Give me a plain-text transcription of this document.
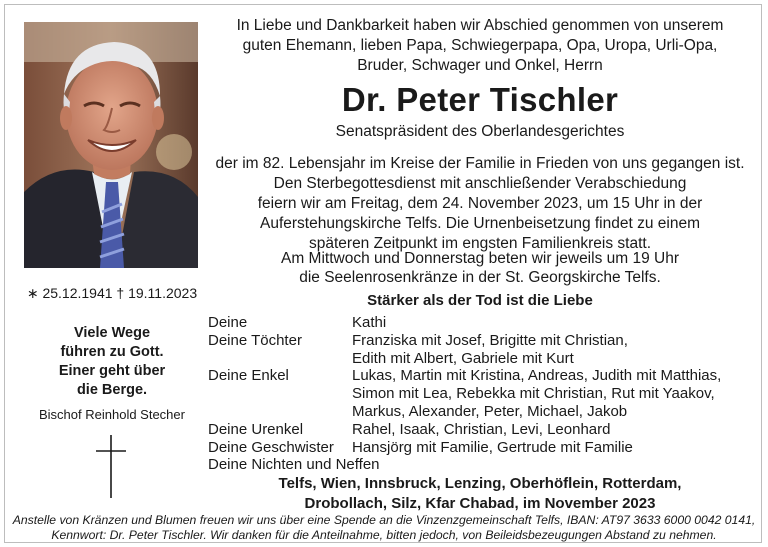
∗ 25.12.1941 † 19.11.2023
Viele Wege
führen zu Gott.
Einer geht über
die Berge.
Bischof Reinhold Stecher
In Liebe und Dankbarkeit haben wir Abschied genommen von unserem
guten Ehemann, lieben Papa, Schwiegerpapa, Opa, Uropa, Urli-Opa,
Bruder, Schwager und Onkel, Herrn
Dr. Peter Tischler
Senatspräsident des Oberlandesgerichtes
der im 82. Lebensjahr im Kreise der Familie in Frieden von uns gegangen ist.
Den Sterbegottesdienst mit anschließender Verabschiedung
feiern wir am Freitag, dem 24. November 2023, um 15 Uhr in der
Auferstehungskirche Telfs. Die Urnenbeisetzung findet zu einem
späteren Zeitpunkt im engsten Familienkreis statt.
Am Mittwoch und Donnerstag beten wir jeweils um 19 Uhr
die Seelenrosenkränze in der St. Georgskirche Telfs.
Stärker als der Tod ist die Liebe
Deine	Kathi
Deine Töchter	Franziska mit Josef, Brigitte mit Christian,
Edith mit Albert, Gabriele mit Kurt
Deine Enkel	Lukas, Martin mit Kristina, Andreas, Judith mit Matthias,
Simon mit Lea, Rebekka mit Christian, Rut mit Yaakov,
Markus, Alexander, Peter, Michael, Jakob
Deine Urenkel	Rahel, Isaak, Christian, Levi, Leonhard
Deine Geschwister	Hansjörg mit Familie, Gertrude mit Familie
Deine Nichten und Neffen
Telfs, Wien, Innsbruck, Lenzing, Oberhöflein, Rotterdam,
Drobollach, Silz, Kfar Chabad, im November 2023
Anstelle von Kränzen und Blumen freuen wir uns über eine Spende an die Vinzenzgemeinschaft Telfs, IBAN: AT97 3633 6000 0042 0141,
Kennwort: Dr. Peter Tischler. Wir danken für die Anteilnahme, bitten jedoch, von Beileidsbezeugungen Abstand zu nehmen.
